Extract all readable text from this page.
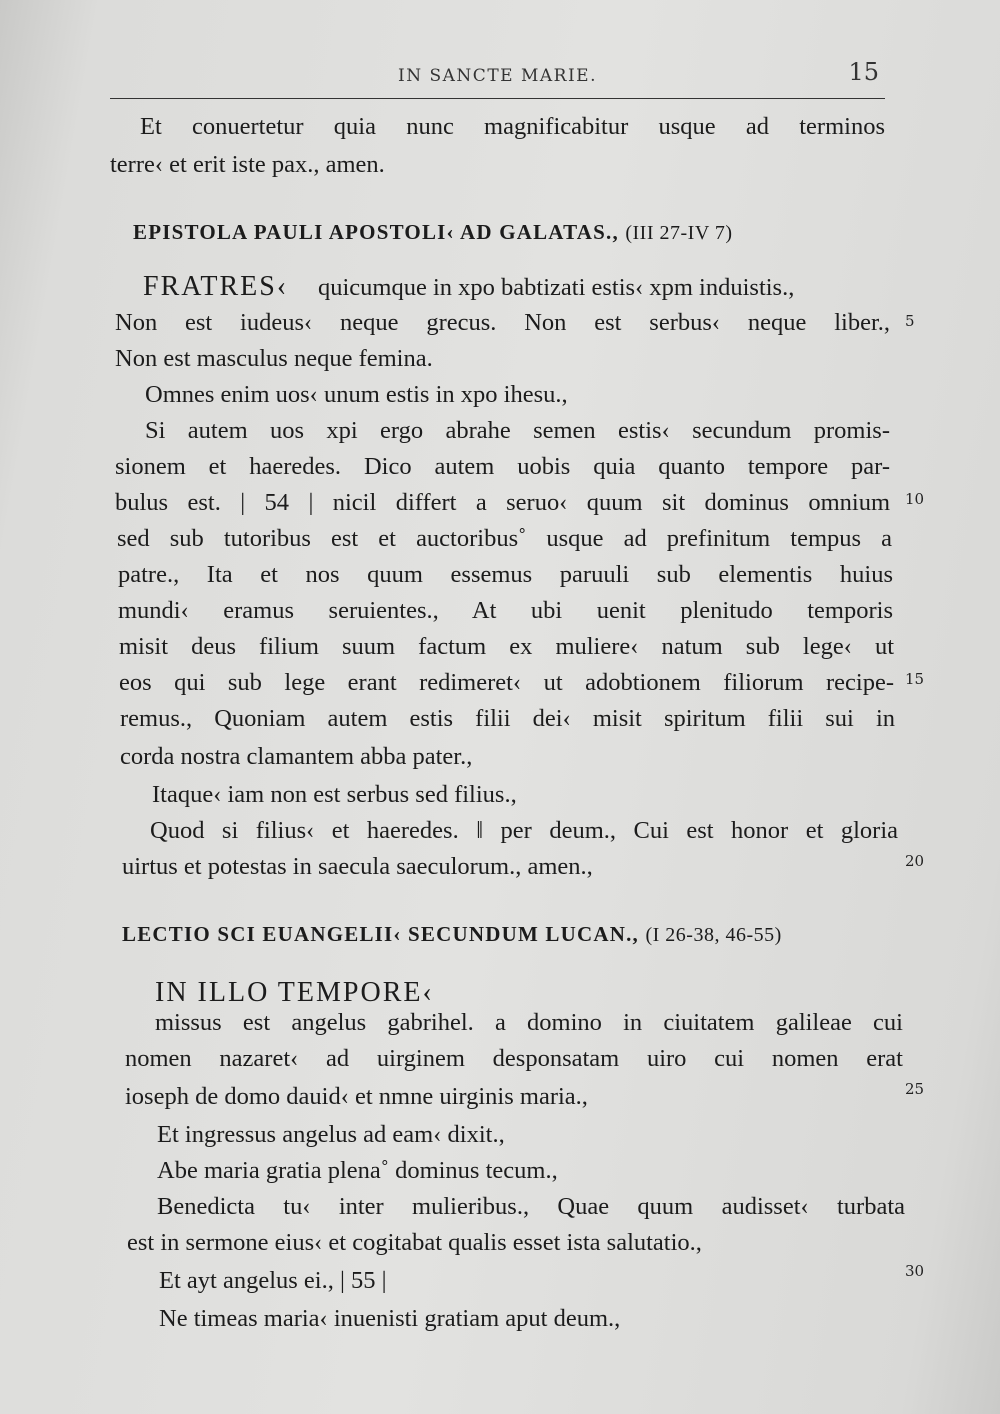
IN SANCTE MARIE.	15
Et conuertetur quia nunc magnificabitur usque ad terminos
terre‹ et erit iste pax., amen.
EPISTOLA PAULI APOSTOLI‹ AD GALATAS., (III 27-IV 7)
FRATRES‹ quicumque in xpo babtizati estis‹ xpm induistis.,
Non est iudeus‹ neque grecus. Non est serbus‹ neque liber.,
Non est masculus neque femina.
Omnes enim uos‹ unum estis in xpo ihesu.,
Si autem uos xpi ergo abrahe semen estis‹ secundum promis-
sionem et haeredes. Dico autem uobis quia quanto tempore par-
bulus est. | 54 | nicil differt a seruo‹ quum sit dominus omnium
sed sub tutoribus est et auctoribus˚ usque ad prefinitum tempus a
patre., Ita et nos quum essemus paruuli sub elementis huius
mundi‹ eramus seruientes., At ubi uenit plenitudo temporis
misit deus filium suum factum ex muliere‹ natum sub lege‹ ut
eos qui sub lege erant redimeret‹ ut adobtionem filiorum recipe-
remus., Quoniam autem estis filii dei‹ misit spiritum filii sui in
corda nostra clamantem abba pater.,
Itaque‹ iam non est serbus sed filius.,
Quod si filius‹ et haeredes. ‖ per deum., Cui est honor et gloria
uirtus et potestas in saecula saeculorum., amen.,
LECTIO SCI EUANGELII‹ SECUNDUM LUCAN., (I 26-38, 46-55)
IN ILLO TEMPORE‹
missus est angelus gabrihel. a domino in ciuitatem galileae cui
nomen nazaret‹ ad uirginem desponsatam uiro cui nomen erat
ioseph de domo dauid‹ et nmne uirginis maria.,
Et ingressus angelus ad eam‹ dixit.,
Abe maria gratia plena˚ dominus tecum.,
Benedicta tu‹ inter mulieribus., Quae quum audisset‹ turbata
est in sermone eius‹ et cogitabat qualis esset ista salutatio.,
Et ayt angelus ei., | 55 |
Ne timeas maria‹ inuenisti gratiam aput deum.,
5
10
15
20
25
30
